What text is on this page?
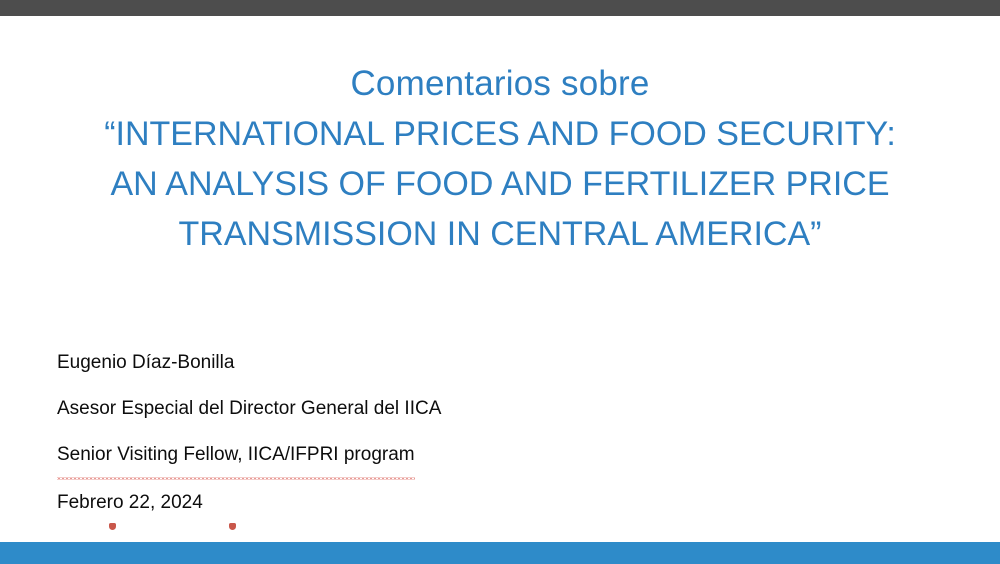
Comentarios sobre
“INTERNATIONAL PRICES AND FOOD SECURITY:
AN ANALYSIS OF FOOD AND FERTILIZER PRICE
TRANSMISSION IN CENTRAL AMERICA”
Eugenio Díaz-Bonilla
Asesor Especial del Director General del IICA
Senior Visiting Fellow, IICA/IFPRI program
Febrero 22, 2024
